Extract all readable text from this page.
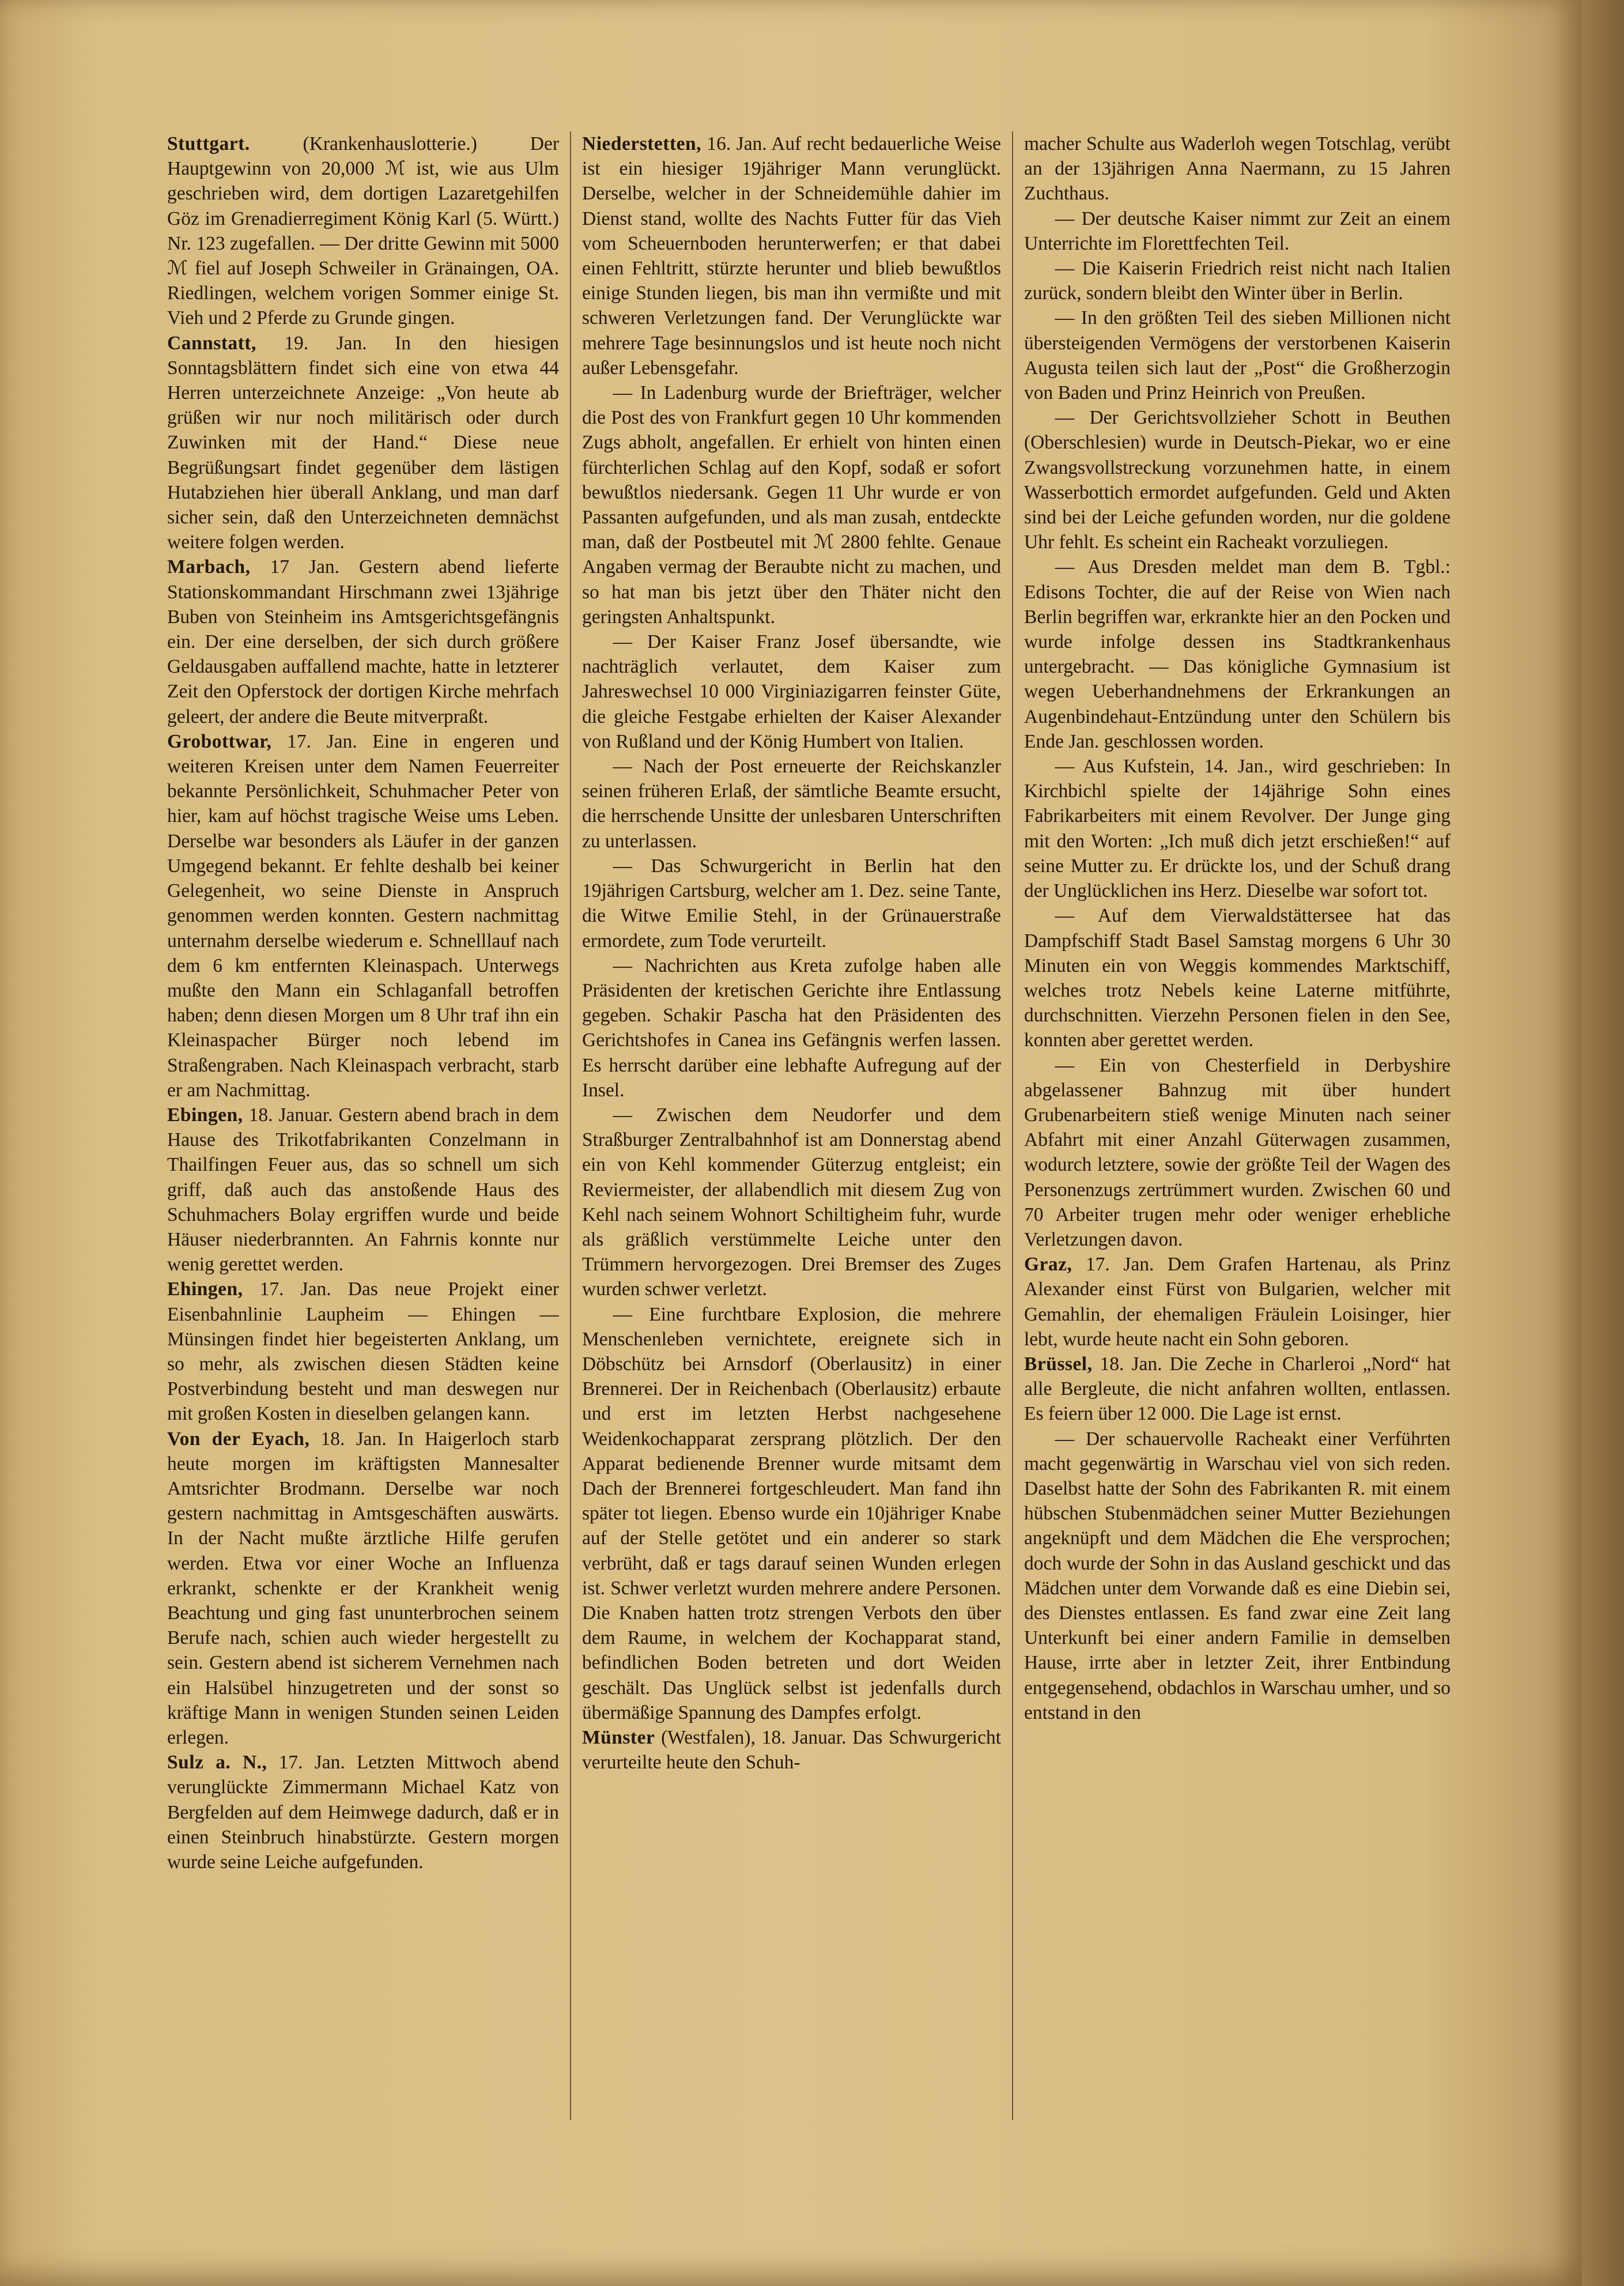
Stuttgart. (Krankenhauslotterie.) Der Hauptgewinn von 20,000 ℳ ist, wie aus Ulm geschrieben wird, dem dortigen Lazaretgehilfen Göz im Grenadierregiment König Karl (5. Württ.) Nr. 123 zugefallen. — Der dritte Gewinn mit 5000 ℳ fiel auf Joseph Schweiler in Gränaingen, OA. Riedlingen, welchem vorigen Sommer einige St. Vieh und 2 Pferde zu Grunde gingen.

Cannstatt, 19. Jan. In den hiesigen Sonntagsblättern findet sich eine von etwa 44 Herren unterzeichnete Anzeige: „Von heute ab grüßen wir nur noch militärisch oder durch Zuwinken mit der Hand.“ Diese neue Begrüßungsart findet gegenüber dem lästigen Hutabziehen hier überall Anklang, und man darf sicher sein, daß den Unterzeichneten demnächst weitere folgen werden.

Marbach, 17 Jan. Gestern abend lieferte Stationskommandant Hirschmann zwei 13jährige Buben von Steinheim ins Amtsgerichtsgefängnis ein. Der eine derselben, der sich durch größere Geldausgaben auffallend machte, hatte in letzterer Zeit den Opferstock der dortigen Kirche mehrfach geleert, der andere die Beute mitverpraßt.

Grobottwar, 17. Jan. Eine in engeren und weiteren Kreisen unter dem Namen Feuerreiter bekannte Persönlichkeit, Schuhmacher Peter von hier, kam auf höchst tragische Weise ums Leben. Derselbe war besonders als Läufer in der ganzen Umgegend bekannt. Er fehlte deshalb bei keiner Gelegenheit, wo seine Dienste in Anspruch genommen werden konnten. Gestern nachmittag unternahm derselbe wiederum e. Schnelllauf nach dem 6 km entfernten Kleinaspach. Unterwegs mußte den Mann ein Schlaganfall betroffen haben; denn diesen Morgen um 8 Uhr traf ihn ein Kleinaspacher Bürger noch lebend im Straßengraben. Nach Kleinaspach verbracht, starb er am Nachmittag.

Ebingen, 18. Januar. Gestern abend brach in dem Hause des Trikotfabrikanten Conzelmann in Thailfingen Feuer aus, das so schnell um sich griff, daß auch das anstoßende Haus des Schuhmachers Bolay ergriffen wurde und beide Häuser niederbrannten. An Fahrnis konnte nur wenig gerettet werden.

Ehingen, 17. Jan. Das neue Projekt einer Eisenbahnlinie Laupheim — Ehingen — Münsingen findet hier begeisterten Anklang, um so mehr, als zwischen diesen Städten keine Postverbindung besteht und man deswegen nur mit großen Kosten in dieselben gelangen kann.

Von der Eyach, 18. Jan. In Haigerloch starb heute morgen im kräftigsten Mannesalter Amtsrichter Brodmann. Derselbe war noch gestern nachmittag in Amtsgeschäften auswärts. In der Nacht mußte ärztliche Hilfe gerufen werden. Etwa vor einer Woche an Influenza erkrankt, schenkte er der Krankheit wenig Beachtung und ging fast ununterbrochen seinem Berufe nach, schien auch wieder hergestellt zu sein. Gestern abend ist sicherem Vernehmen nach ein Halsübel hinzugetreten und der sonst so kräftige Mann in wenigen Stunden seinen Leiden erlegen.

Sulz a. N., 17. Jan. Letzten Mittwoch abend verunglückte Zimmermann Michael Katz von Bergfelden auf dem Heimwege dadurch, daß er in einen Steinbruch hinabstürzte. Gestern morgen wurde seine Leiche aufgefunden.

Niederstetten, 16. Jan. Auf recht bedauerliche Weise ist ein hiesiger 19jähriger Mann verunglückt. Derselbe, welcher in der Schneidemühle dahier im Dienst stand, wollte des Nachts Futter für das Vieh vom Scheuernboden herunterwerfen; er that dabei einen Fehltritt, stürzte herunter und blieb bewußtlos einige Stunden liegen, bis man ihn vermißte und mit schweren Verletzungen fand. Der Verunglückte war mehrere Tage besinnungslos und ist heute noch nicht außer Lebensgefahr.

— In Ladenburg wurde der Briefträger, welcher die Post des von Frankfurt gegen 10 Uhr kommenden Zugs abholt, angefallen. Er erhielt von hinten einen fürchterlichen Schlag auf den Kopf, sodaß er sofort bewußtlos niedersank. Gegen 11 Uhr wurde er von Passanten aufgefunden, und als man zusah, entdeckte man, daß der Postbeutel mit ℳ 2800 fehlte. Genaue Angaben vermag der Beraubte nicht zu machen, und so hat man bis jetzt über den Thäter nicht den geringsten Anhaltspunkt.

— Der Kaiser Franz Josef übersandte, wie nachträglich verlautet, dem Kaiser zum Jahreswechsel 10 000 Virginiazigarren feinster Güte, die gleiche Festgabe erhielten der Kaiser Alexander von Rußland und der König Humbert von Italien.

— Nach der Post erneuerte der Reichskanzler seinen früheren Erlaß, der sämtliche Beamte ersucht, die herrschende Unsitte der unlesbaren Unterschriften zu unterlassen.

— Das Schwurgericht in Berlin hat den 19jährigen Cartsburg, welcher am 1. Dez. seine Tante, die Witwe Emilie Stehl, in der Grünauerstraße ermordete, zum Tode verurteilt.

— Nachrichten aus Kreta zufolge haben alle Präsidenten der kretischen Gerichte ihre Entlassung gegeben. Schakir Pascha hat den Präsidenten des Gerichtshofes in Canea ins Gefängnis werfen lassen. Es herrscht darüber eine lebhafte Aufregung auf der Insel.

— Zwischen dem Neudorfer und dem Straßburger Zentralbahnhof ist am Donnerstag abend ein von Kehl kommender Güterzug entgleist; ein Reviermeister, der allabendlich mit diesem Zug von Kehl nach seinem Wohnort Schiltigheim fuhr, wurde als gräßlich verstümmelte Leiche unter den Trümmern hervorgezogen. Drei Bremser des Zuges wurden schwer verletzt.

— Eine furchtbare Explosion, die mehrere Menschenleben vernichtete, ereignete sich in Döbschütz bei Arnsdorf (Oberlausitz) in einer Brennerei. Der in Reichenbach (Oberlausitz) erbaute und erst im letzten Herbst nachgesehene Weidenkochapparat zersprang plötzlich. Der den Apparat bedienende Brenner wurde mitsamt dem Dach der Brennerei fortgeschleudert. Man fand ihn später tot liegen. Ebenso wurde ein 10jähriger Knabe auf der Stelle getötet und ein anderer so stark verbrüht, daß er tags darauf seinen Wunden erlegen ist. Schwer verletzt wurden mehrere andere Personen. Die Knaben hatten trotz strengen Verbots den über dem Raume, in welchem der Kochapparat stand, befindlichen Boden betreten und dort Weiden geschält. Das Unglück selbst ist jedenfalls durch übermäßige Spannung des Dampfes erfolgt.

Münster (Westfalen), 18. Januar. Das Schwurgericht verurteilte heute den Schuh-

macher Schulte aus Waderloh wegen Totschlag, verübt an der 13jährigen Anna Naermann, zu 15 Jahren Zuchthaus.

— Der deutsche Kaiser nimmt zur Zeit an einem Unterrichte im Florettfechten Teil.

— Die Kaiserin Friedrich reist nicht nach Italien zurück, sondern bleibt den Winter über in Berlin.

— In den größten Teil des sieben Millionen nicht übersteigenden Vermögens der verstorbenen Kaiserin Augusta teilen sich laut der „Post“ die Großherzogin von Baden und Prinz Heinrich von Preußen.

— Der Gerichtsvollzieher Schott in Beuthen (Oberschlesien) wurde in Deutsch-Piekar, wo er eine Zwangsvollstreckung vorzunehmen hatte, in einem Wasserbottich ermordet aufgefunden. Geld und Akten sind bei der Leiche gefunden worden, nur die goldene Uhr fehlt. Es scheint ein Racheakt vorzuliegen.

— Aus Dresden meldet man dem B. Tgbl.: Edisons Tochter, die auf der Reise von Wien nach Berlin begriffen war, erkrankte hier an den Pocken und wurde infolge dessen ins Stadtkrankenhaus untergebracht. — Das königliche Gymnasium ist wegen Ueberhandnehmens der Erkrankungen an Augenbindehaut-Entzündung unter den Schülern bis Ende Jan. geschlossen worden.

— Aus Kufstein, 14. Jan., wird geschrieben: In Kirchbichl spielte der 14jährige Sohn eines Fabrikarbeiters mit einem Revolver. Der Junge ging mit den Worten: „Ich muß dich jetzt erschießen!“ auf seine Mutter zu. Er drückte los, und der Schuß drang der Unglücklichen ins Herz. Dieselbe war sofort tot.

— Auf dem Vierwaldstättersee hat das Dampfschiff Stadt Basel Samstag morgens 6 Uhr 30 Minuten ein von Weggis kommendes Marktschiff, welches trotz Nebels keine Laterne mitführte, durchschnitten. Vierzehn Personen fielen in den See, konnten aber gerettet werden.

— Ein von Chesterfield in Derbyshire abgelassener Bahnzug mit über hundert Grubenarbeitern stieß wenige Minuten nach seiner Abfahrt mit einer Anzahl Güterwagen zusammen, wodurch letztere, sowie der größte Teil der Wagen des Personenzugs zertrümmert wurden. Zwischen 60 und 70 Arbeiter trugen mehr oder weniger erhebliche Verletzungen davon.

Graz, 17. Jan. Dem Grafen Hartenau, als Prinz Alexander einst Fürst von Bulgarien, welcher mit Gemahlin, der ehemaligen Fräulein Loisinger, hier lebt, wurde heute nacht ein Sohn geboren.

Brüssel, 18. Jan. Die Zeche in Charleroi „Nord“ hat alle Bergleute, die nicht anfahren wollten, entlassen. Es feiern über 12 000. Die Lage ist ernst.

— Der schauervolle Racheakt einer Verführten macht gegenwärtig in Warschau viel von sich reden. Daselbst hatte der Sohn des Fabrikanten R. mit einem hübschen Stubenmädchen seiner Mutter Beziehungen angeknüpft und dem Mädchen die Ehe versprochen; doch wurde der Sohn in das Ausland geschickt und das Mädchen unter dem Vorwande daß es eine Diebin sei, des Dienstes entlassen. Es fand zwar eine Zeit lang Unterkunft bei einer andern Familie in demselben Hause, irrte aber in letzter Zeit, ihrer Entbindung entgegensehend, obdachlos in Warschau umher, und so entstand in den
